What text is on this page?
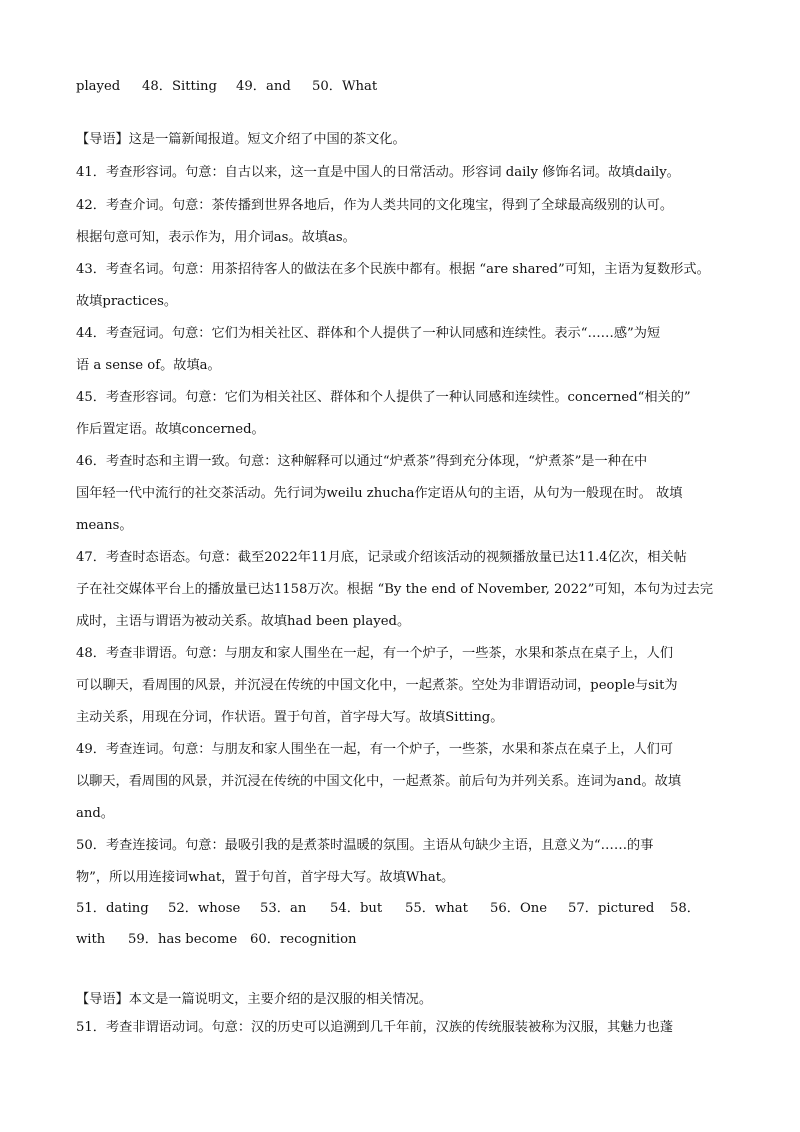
played 48．Sitting 49．and 50．What
【导语】这是一篇新闻报道。短文介绍了中国的茶文化。
41．考查形容词。句意：自古以来，这一直是中国人的日常活动。形容词 daily 修饰名词。故填daily。
42．考查介词。句意：茶传播到世界各地后，作为人类共同的文化瑰宝，得到了全球最高级别的认可。
根据句意可知，表示作为，用介词as。故填as。
43．考查名词。句意：用茶招待客人的做法在多个民族中都有。根据 “are shared”可知，主语为复数形式。
故填practices。
44．考查冠词。句意：它们为相关社区、群体和个人提供了一种认同感和连续性。表示“……感”为短
语 a sense of。故填a。
45．考查形容词。句意：它们为相关社区、群体和个人提供了一种认同感和连续性。concerned“相关的”
作后置定语。故填concerned。
46．考查时态和主谓一致。句意：这种解释可以通过“炉煮茶”得到充分体现，“炉煮茶”是一种在中
国年轻一代中流行的社交茶活动。先行词为weilu zhucha作定语从句的主语，从句为一般现在时。 故填
means。
47．考查时态语态。句意：截至2022年11月底，记录或介绍该活动的视频播放量已达11.4亿次，相关帖
子在社交媒体平台上的播放量已达1158万次。根据 “By the end of November, 2022”可知，本句为过去完
成时，主语与谓语为被动关系。故填had been played。
48．考查非谓语。句意：与朋友和家人围坐在一起，有一个炉子，一些茶，水果和茶点在桌子上，人们
可以聊天，看周围的风景，并沉浸在传统的中国文化中，一起煮茶。空处为非谓语动词，people与sit为
主动关系，用现在分词，作状语。置于句首，首字母大写。故填Sitting。
49．考查连词。句意：与朋友和家人围坐在一起，有一个炉子，一些茶，水果和茶点在桌子上，人们可
以聊天，看周围的风景，并沉浸在传统的中国文化中，一起煮茶。前后句为并列关系。连词为and。故填
and。
50．考查连接词。句意：最吸引我的是煮茶时温暖的氛围。主语从句缺少主语，且意义为“……的事
物”，所以用连接词what，置于句首，首字母大写。故填What。
51．dating 52．whose 53．an 54．but 55．what 56．One 57．pictured 58．
with 59．has become 60．recognition
【导语】本文是一篇说明文，主要介绍的是汉服的相关情况。
51．考查非谓语动词。句意：汉的历史可以追溯到几千年前，汉族的传统服装被称为汉服，其魅力也蓬
